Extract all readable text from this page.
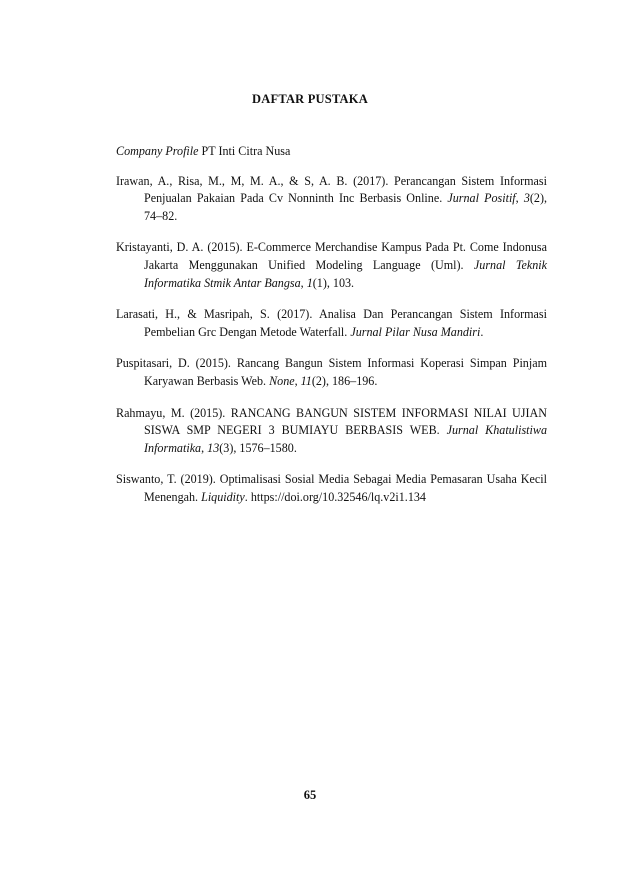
DAFTAR PUSTAKA

Company Profile PT Inti Citra Nusa

Irawan, A., Risa, M., M, M. A., & S, A. B. (2017). Perancangan Sistem Informasi Penjualan Pakaian Pada Cv Nonninth Inc Berbasis Online. Jurnal Positif, 3(2), 74–82.

Kristayanti, D. A. (2015). E-Commerce Merchandise Kampus Pada Pt. Come Indonusa Jakarta Menggunakan Unified Modeling Language (Uml). Jurnal Teknik Informatika Stmik Antar Bangsa, 1(1), 103.

Larasati, H., & Masripah, S. (2017). Analisa Dan Perancangan Sistem Informasi Pembelian Grc Dengan Metode Waterfall. Jurnal Pilar Nusa Mandiri.

Puspitasari, D. (2015). Rancang Bangun Sistem Informasi Koperasi Simpan Pinjam Karyawan Berbasis Web. None, 11(2), 186–196.

Rahmayu, M. (2015). RANCANG BANGUN SISTEM INFORMASI NILAI UJIAN SISWA SMP NEGERI 3 BUMIAYU BERBASIS WEB. Jurnal Khatulistiwa Informatika, 13(3), 1576–1580.

Siswanto, T. (2019). Optimalisasi Sosial Media Sebagai Media Pemasaran Usaha Kecil Menengah. Liquidity. https://doi.org/10.32546/lq.v2i1.134

65
